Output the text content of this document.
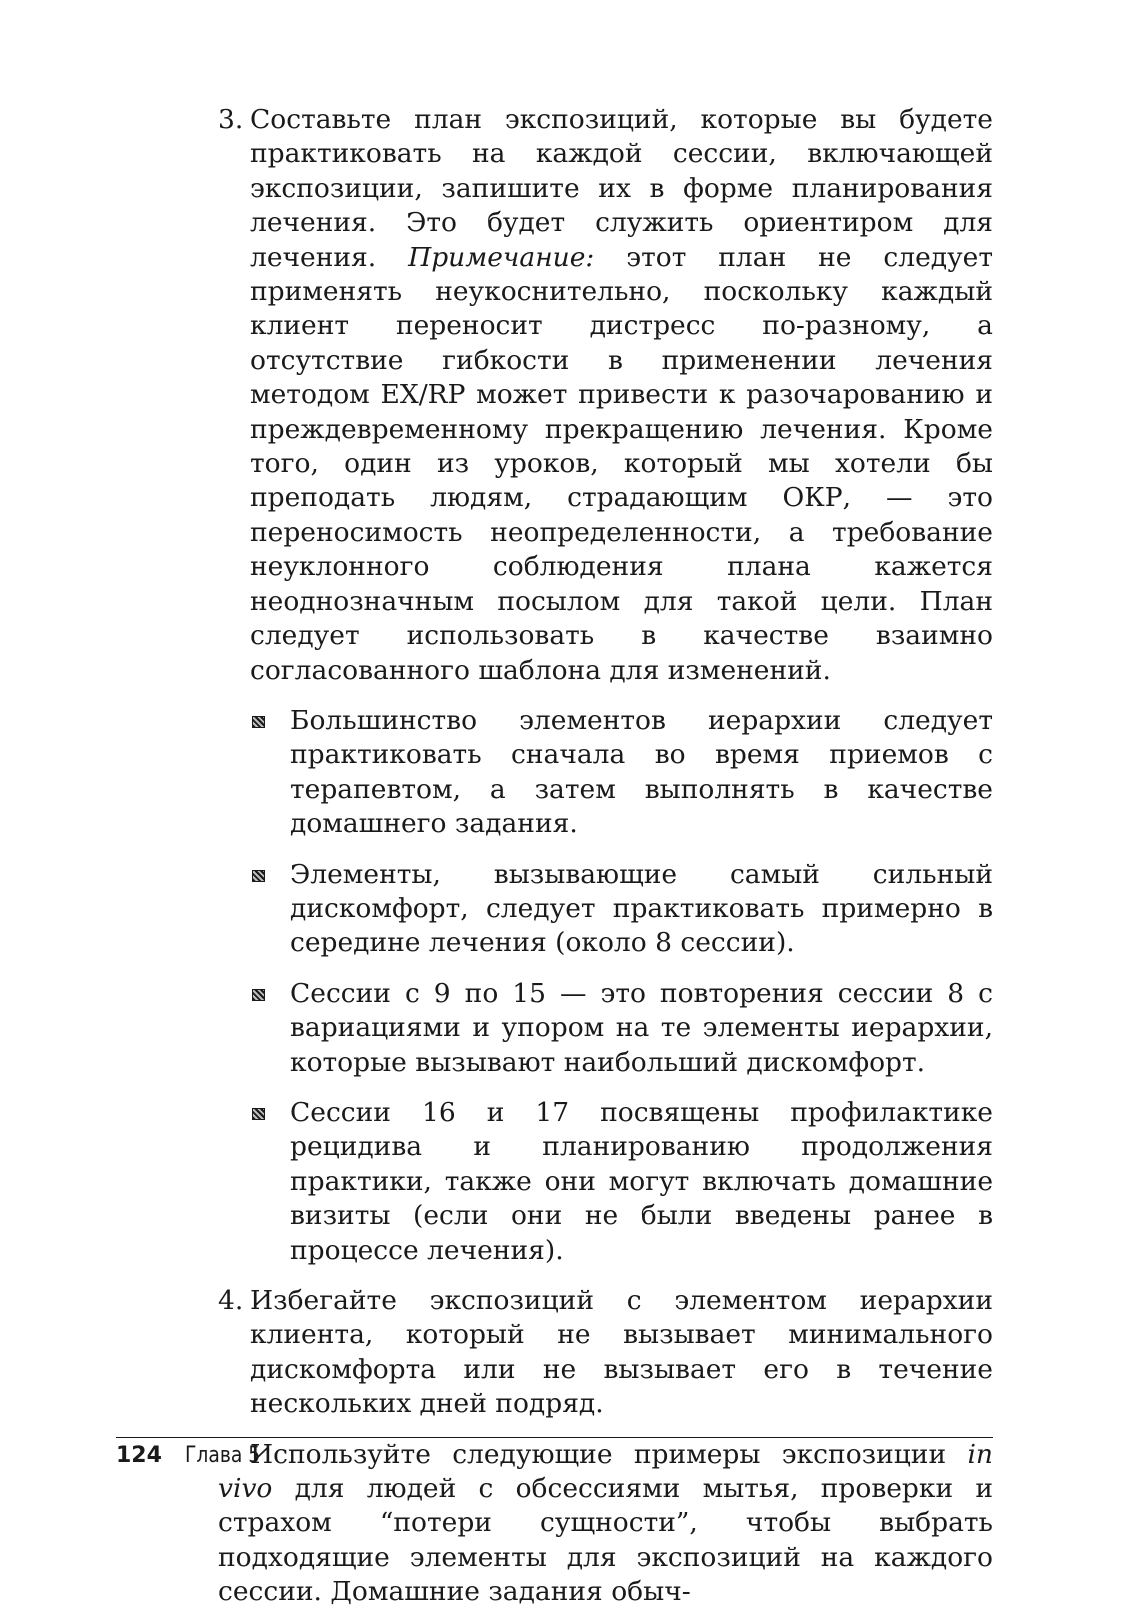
3. Составьте план экспозиций, которые вы будете практиковать на каждой сессии, включающей экспозиции, запишите их в форме планирования лечения. Это будет служить ориентиром для лечения. Примечание: этот план не следует применять неукоснительно, поскольку каждый клиент переносит дистресс по-разному, а отсутствие гибкости в применении лечения методом EX/RP может привести к разочарованию и преждевременному прекращению лечения. Кроме того, один из уроков, который мы хотели бы преподать людям, страдающим ОКР, — это переносимость неопределенности, а требование неуклонного соблюдения плана кажется неоднозначным посылом для такой цели. План следует использовать в качестве взаимно согласованного шаблона для изменений.

Большинство элементов иерархии следует практиковать сначала во время приемов с терапевтом, а затем выполнять в качестве домашнего задания.
Элементы, вызывающие самый сильный дискомфорт, следует практиковать примерно в середине лечения (около 8 сессии).
Сессии с 9 по 15 — это повторения сессии 8 с вариациями и упором на те элементы иерархии, которые вызывают наибольший дискомфорт.
Сессии 16 и 17 посвящены профилактике рецидива и планированию продолжения практики, также они могут включать домашние визиты (если они не были введены ранее в процессе лечения).

4. Избегайте экспозиций с элементом иерархии клиента, который не вызывает минимального дискомфорта или не вызывает его в течение нескольких дней подряд.

Используйте следующие примеры экспозиции in vivo для людей с обсессиями мытья, проверки и страхом “потери сущности”, чтобы выбрать подходящие элементы для экспозиций на каждого сессии. Домашние задания обыч-

124 Глава 5
